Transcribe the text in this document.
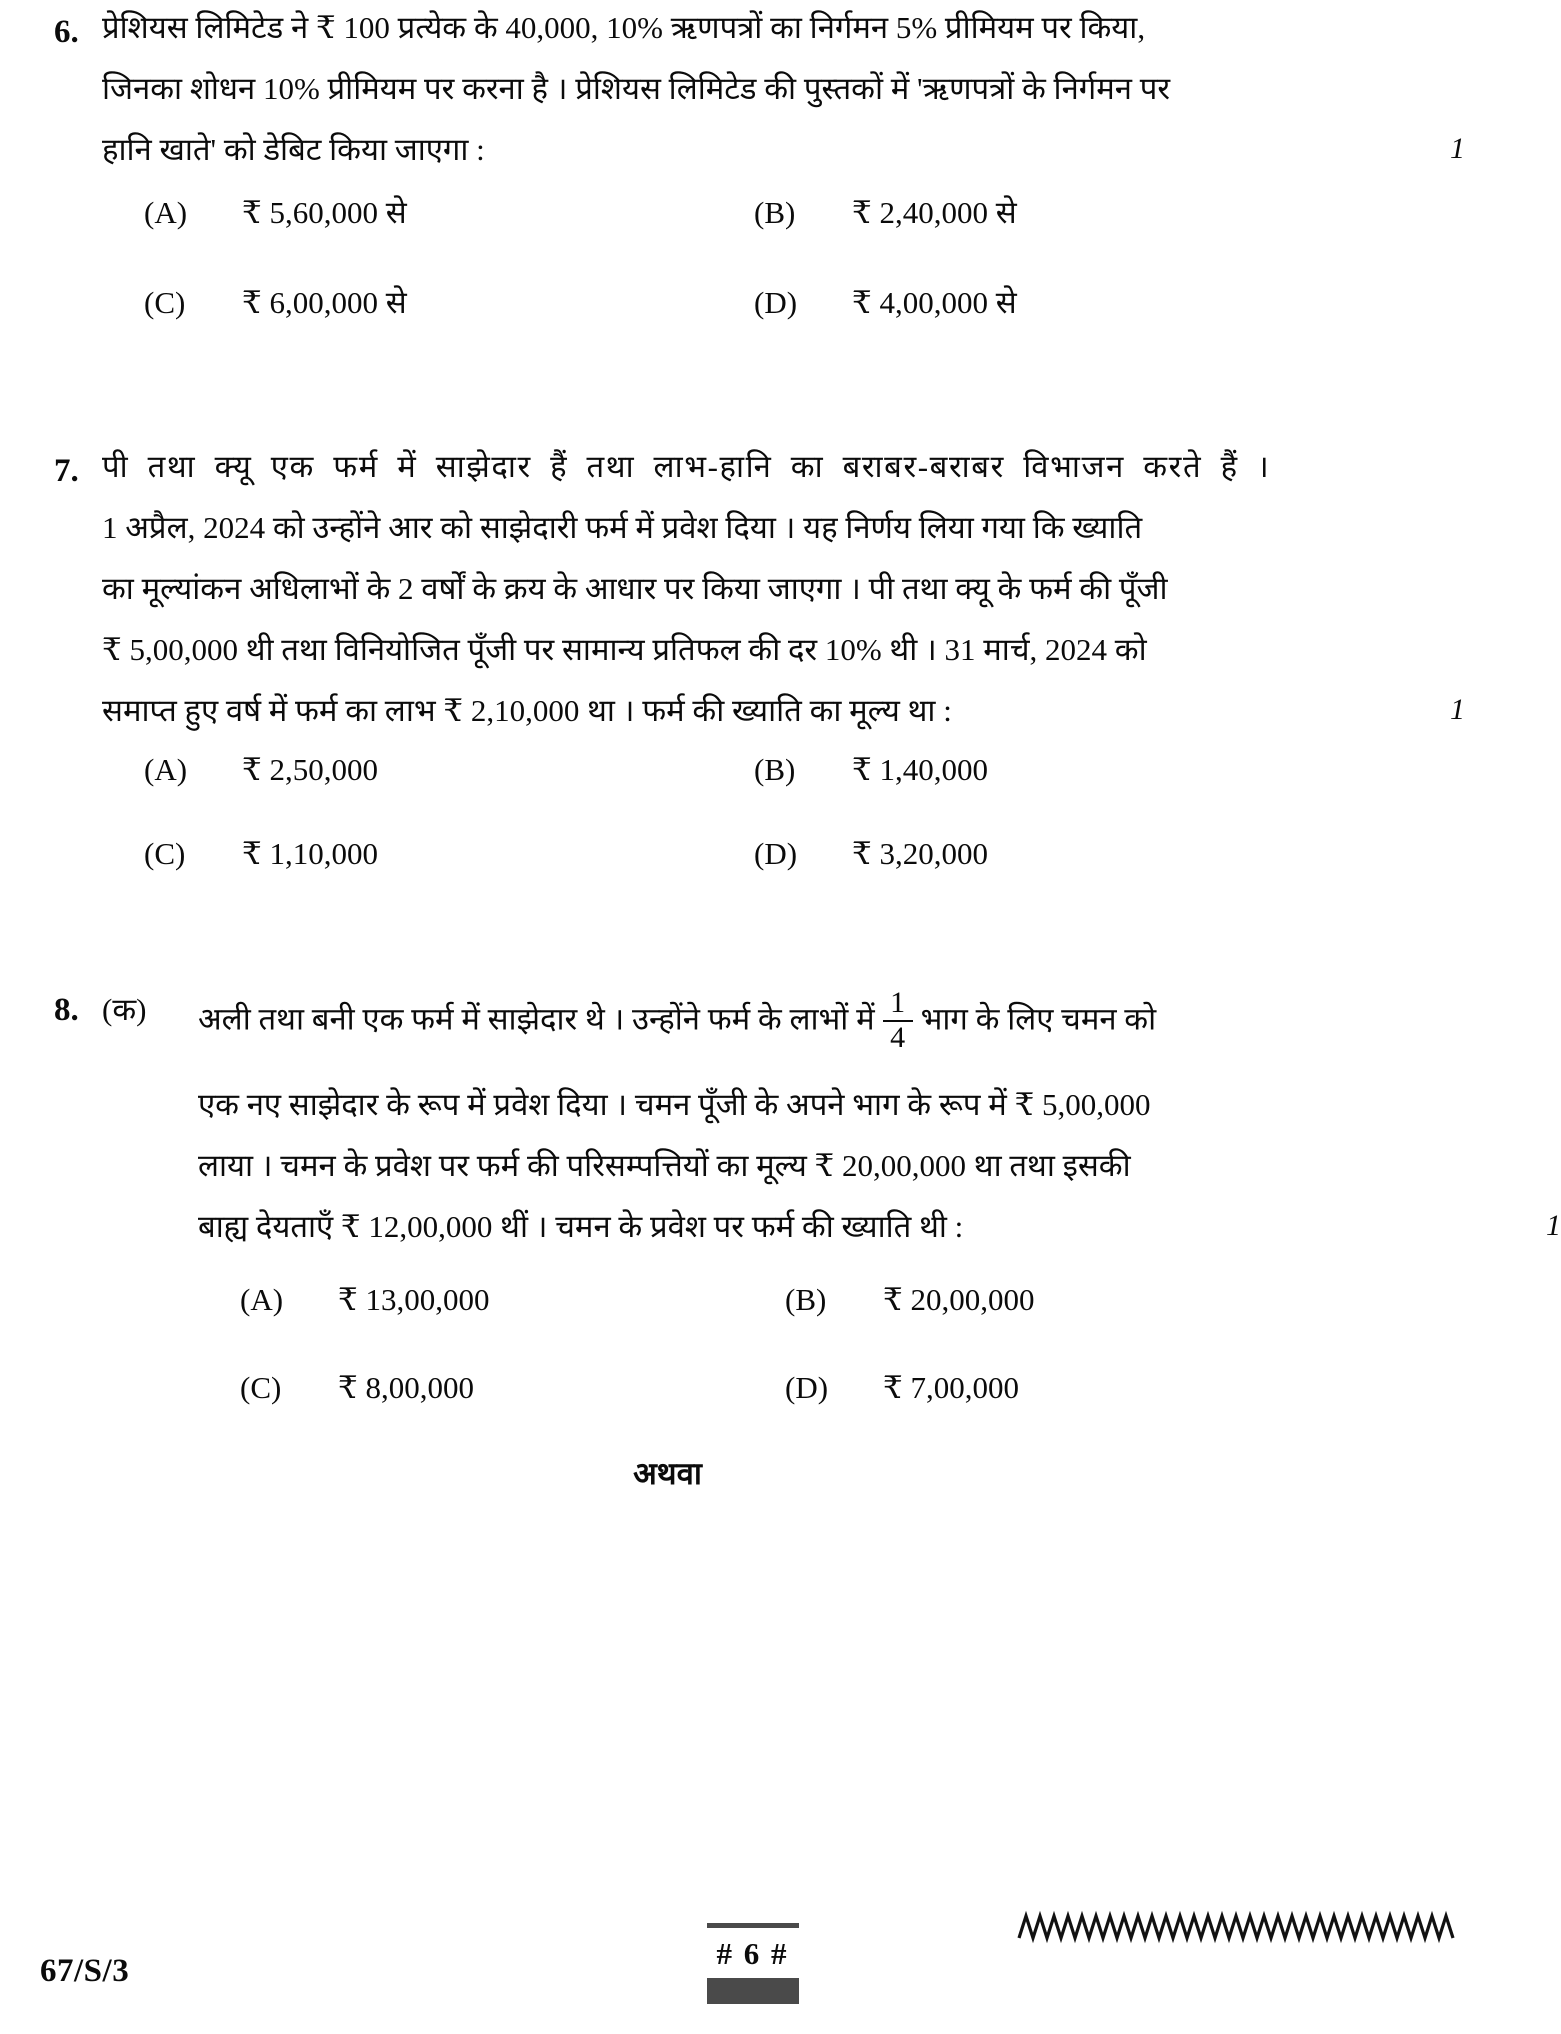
6. प्रेशियस लिमिटेड ने ₹ 100 प्रत्येक के 40,000, 10% ऋणपत्रों का निर्गमन 5% प्रीमियम पर किया,
जिनका शोधन 10% प्रीमियम पर करना है । प्रेशियस लिमिटेड की पुस्तकों में 'ऋणपत्रों के निर्गमन पर
हानि खाते' को डेबिट किया जाएगा :	1
(A)	₹ 5,60,000 से	(B)	₹ 2,40,000 से
(C)	₹ 6,00,000 से	(D)	₹ 4,00,000 से
7. पी तथा क्यू एक फर्म में साझेदार हैं तथा लाभ-हानि का बराबर-बराबर विभाजन करते हैं ।
1 अप्रैल, 2024 को उन्होंने आर को साझेदारी फर्म में प्रवेश दिया । यह निर्णय लिया गया कि ख्याति
का मूल्यांकन अधिलाभों के 2 वर्षों के क्रय के आधार पर किया जाएगा । पी तथा क्यू के फर्म की पूँजी
₹ 5,00,000 थी तथा विनियोजित पूँजी पर सामान्य प्रतिफल की दर 10% थी । 31 मार्च, 2024 को
समाप्त हुए वर्ष में फर्म का लाभ ₹ 2,10,000 था । फर्म की ख्याति का मूल्य था :	1
(A)	₹ 2,50,000	(B)	₹ 1,40,000
(C)	₹ 1,10,000	(D)	₹ 3,20,000
8. (क)	अली तथा बनी एक फर्म में साझेदार थे । उन्होंने फर्म के लाभों में $\frac{1}{4}$ भाग के लिए चमन को
एक नए साझेदार के रूप में प्रवेश दिया । चमन पूँजी के अपने भाग के रूप में ₹ 5,00,000
लाया । चमन के प्रवेश पर फर्म की परिसम्पत्तियों का मूल्य ₹ 20,00,000 था तथा इसकी
बाह्य देयताएँ ₹ 12,00,000 थीं । चमन के प्रवेश पर फर्म की ख्याति थी :	1
(A)	₹ 13,00,000	(B)	₹ 20,00,000
(C)	₹ 8,00,000	(D)	₹ 7,00,000
अथवा
67/S/3	# 6 #
